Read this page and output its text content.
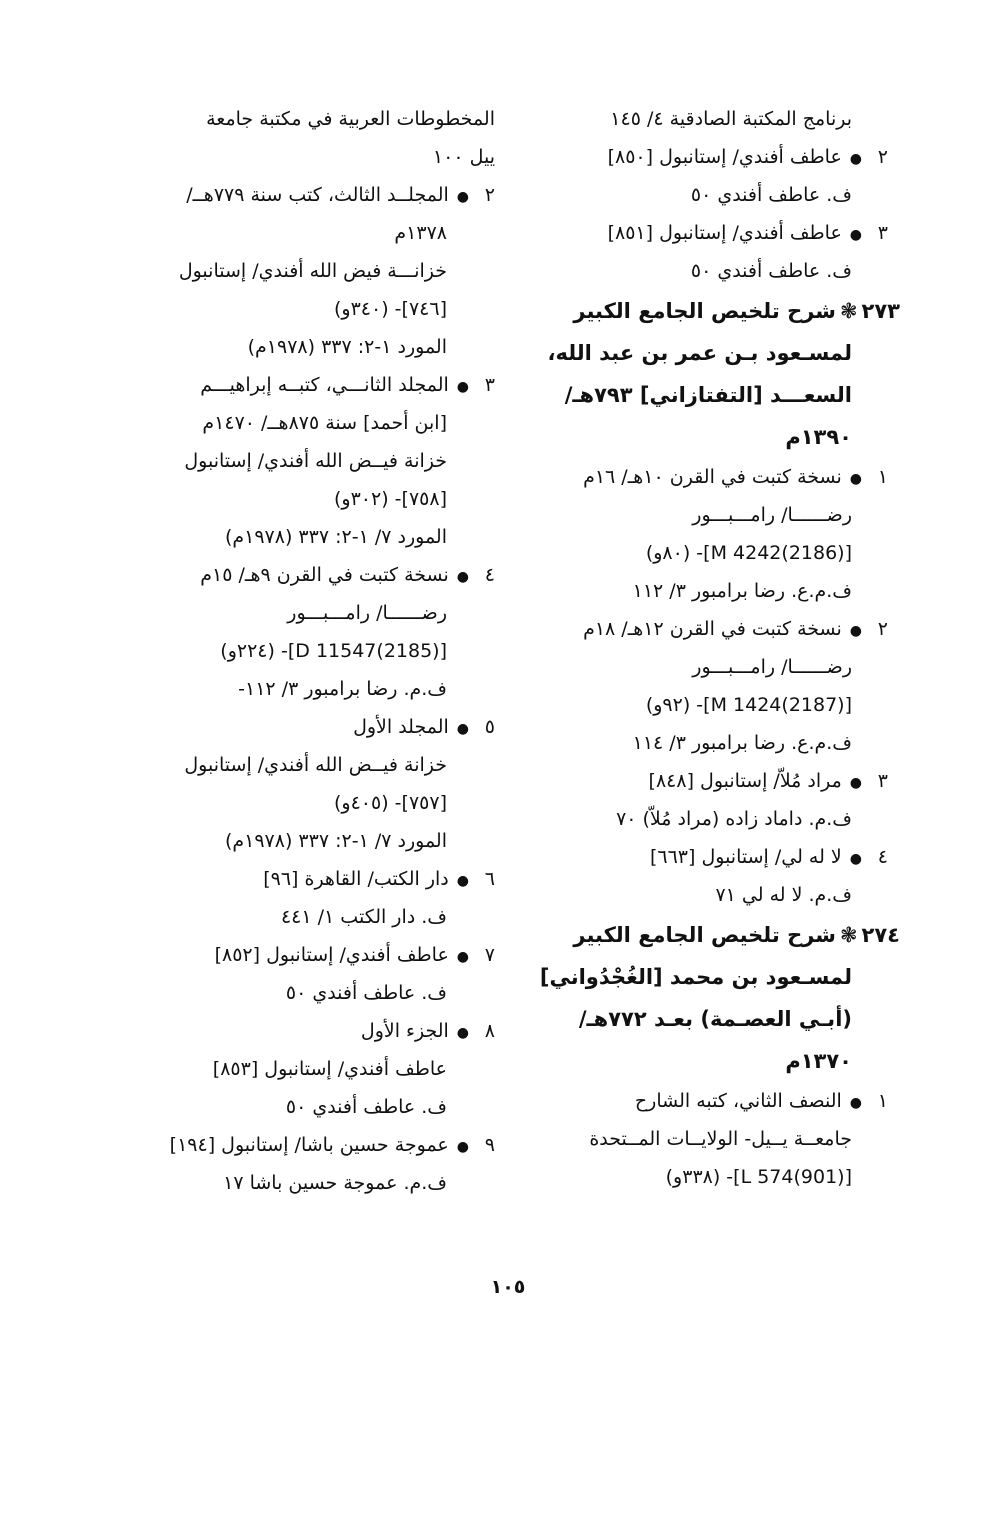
برنامج المكتبة الصادقية ٤/ ١٤٥
٢●عاطف أفندي/ إستانبول [٨٥٠]
ف. عاطف أفندي ٥٠
٣●عاطف أفندي/ إستانبول [٨٥١]
ف. عاطف أفندي ٥٠
٢٧٣❃شرح تلخيص الجامع الكبير
لمسـعود بـن عمر بن عبد الله،
السعـــد [التفتازاني] ٧٩٣هـ/
١٣٩٠م
١●نسخة كتبت في القرن ١٠هـ/ ١٦م
رضــــــا/ رامـــبـــور
[(2186)4242 M]- (٨٠و)
ف.م.ع. رضا برامبور ٣/ ١١٢
٢●نسخة كتبت في القرن ١٢هـ/ ١٨م
رضــــــا/ رامـــبـــور
[(2187)1424 M]- (٩٢و)
ف.م.ع. رضا برامبور ٣/ ١١٤
٣●مراد مُلاّ/ إستانبول [٨٤٨]
ف.م. داماد زاده (مراد مُلاّ) ٧٠
٤●لا له لي/ إستانبول [٦٦٣]
ف.م. لا له لي ٧١
٢٧٤❃شرح تلخيص الجامع الكبير
لمسـعود بن محمد [الغُجْدُواني]
(أبـي العصـمة) بعـد ٧٧٢هـ/
١٣٧٠م
١●النصف الثاني، كتبه الشارح
جامعــة يــيل- الولايــات المــتحدة
[(901)L 574]- (٣٣٨و)
المخطوطات العربية في مكتبة جامعة
ييل ١٠٠
٢●المجلــد الثالث، كتب سنة ٧٧٩هــ/
١٣٧٨م
خزانـــة فيض الله أفندي/ إستانبول
[٧٤٦]- (٣٤٠و)
المورد ١-٢: ٣٣٧ (١٩٧٨م)
٣●المجلد الثانـــي، كتبــه إبراهيـــم
[ابن أحمد] سنة ٨٧٥هــ/ ١٤٧٠م
خزانة فيــض الله أفندي/ إستانبول
[٧٥٨]- (٣٠٢و)
المورد ٧/ ١-٢: ٣٣٧ (١٩٧٨م)
٤●نسخة كتبت في القرن ٩هـ/ ١٥م
رضــــــا/ رامـــبـــور
[(2185)11547 D]- (٢٢٤و)
ف.م. رضا برامبور ٣/ ١١٢-
٥●المجلد الأول
خزانة فيــض الله أفندي/ إستانبول
[٧٥٧]- (٤٠٥و)
المورد ٧/ ١-٢: ٣٣٧ (١٩٧٨م)
٦●دار الكتب/ القاهرة [٩٦]
ف. دار الكتب ١/ ٤٤١
٧●عاطف أفندي/ إستانبول [٨٥٢]
ف. عاطف أفندي ٥٠
٨●الجزء الأول
عاطف أفندي/ إستانبول [٨٥٣]
ف. عاطف أفندي ٥٠
٩●عموجة حسين باشا/ إستانبول [١٩٤]
ف.م. عموجة حسين باشا ١٧
١٠٥
